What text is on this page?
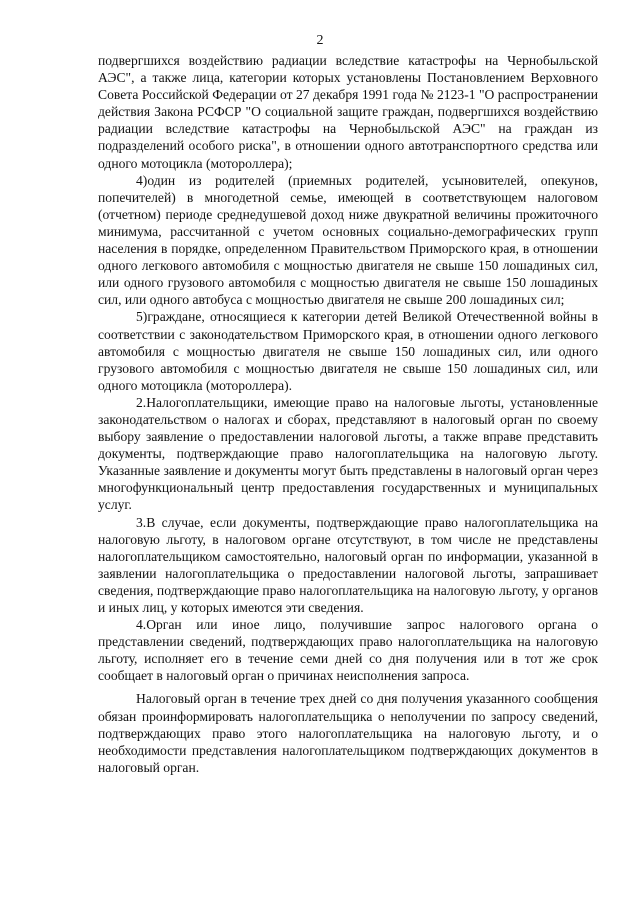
2

подвергшихся воздействию радиации вследствие катастрофы на Чернобыльской АЭС", а также лица, категории которых установлены Постановлением Верховного Совета Российской Федерации от 27 декабря 1991 года № 2123-1 "О распространении действия Закона РСФСР "О социальной защите граждан, подвергшихся воздействию радиации вследствие катастрофы на Чернобыльской АЭС" на граждан из подразделений особого риска", в отношении одного автотранспортного средства или одного мотоцикла (мотороллера);

4)один из родителей (приемных родителей, усыновителей, опекунов, попечителей) в многодетной семье, имеющей в соответствующем налоговом (отчетном) периоде среднедушевой доход ниже двукратной величины прожиточного минимума, рассчитанной с учетом основных социально-демографических групп населения в порядке, определенном Правительством Приморского края, в отношении одного легкового автомобиля с мощностью двигателя не свыше 150 лошадиных сил, или одного грузового автомобиля с мощностью двигателя не свыше 150 лошадиных сил, или одного автобуса с мощностью двигателя не свыше 200 лошадиных сил;

5)граждане, относящиеся к категории детей Великой Отечественной войны в соответствии с законодательством Приморского края, в отношении одного легкового автомобиля с мощностью двигателя не свыше 150 лошадиных сил, или одного грузового автомобиля с мощностью двигателя не свыше 150 лошадиных сил, или одного мотоцикла (мотороллера).

2.Налогоплательщики, имеющие право на налоговые льготы, установленные законодательством о налогах и сборах, представляют в налоговый орган по своему выбору заявление о предоставлении налоговой льготы, а также вправе представить документы, подтверждающие право налогоплательщика на налоговую льготу. Указанные заявление и документы могут быть представлены в налоговый орган через многофункциональный центр предоставления государственных и муниципальных услуг.

3.В случае, если документы, подтверждающие право налогоплательщика на налоговую льготу, в налоговом органе отсутствуют, в том числе не представлены налогоплательщиком самостоятельно, налоговый орган по информации, указанной в заявлении налогоплательщика о предоставлении налоговой льготы, запрашивает сведения, подтверждающие право налогоплательщика на налоговую льготу, у органов и иных лиц, у которых имеются эти сведения.

4.Орган или иное лицо, получившие запрос налогового органа о представлении сведений, подтверждающих право налогоплательщика на налоговую льготу, исполняет его в течение семи дней со дня получения или в тот же срок сообщает в налоговый орган о причинах неисполнения запроса.

Налоговый орган в течение трех дней со дня получения указанного сообщения обязан проинформировать налогоплательщика о неполучении по запросу сведений, подтверждающих право этого налогоплательщика на налоговую льготу, и о необходимости представления налогоплательщиком подтверждающих документов в налоговый орган.
